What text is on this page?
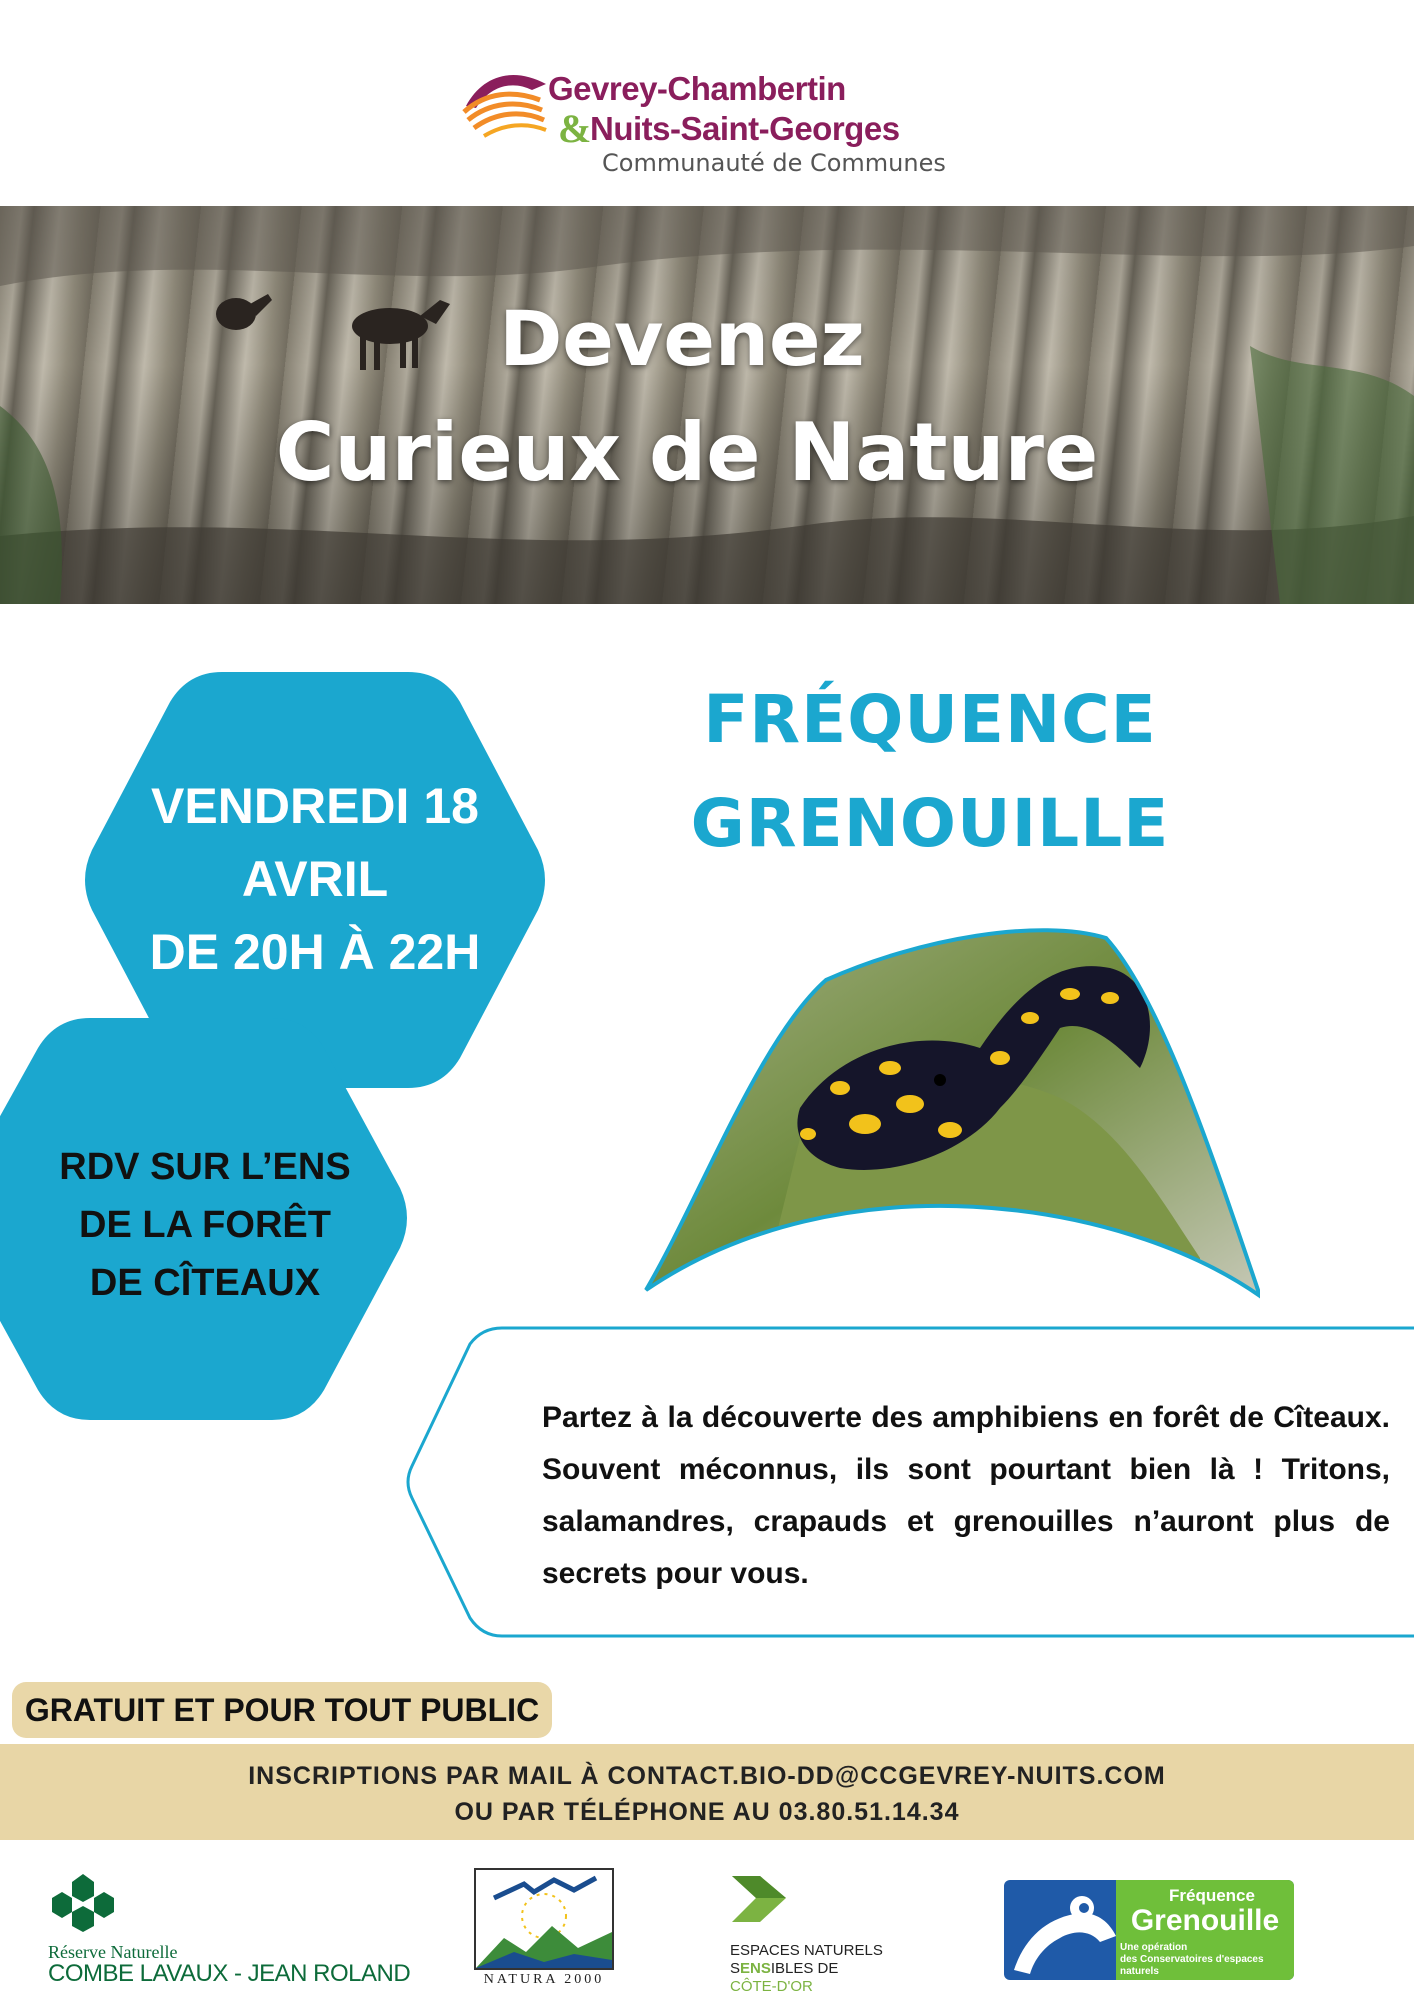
Gevrey-Chambertin
&
Nuits-Saint-Georges
Communauté de Communes
Devenez
Curieux de Nature
VENDREDI 18
AVRIL
DE 20H À 22H
RDV SUR L’ENS
DE LA FORÊT
DE CÎTEAUX
FRÉQUENCE
GRENOUILLE
Partez à la découverte des amphibiens en forêt de Cîteaux. Souvent méconnus, ils sont pourtant bien là ! Tritons, salamandres, crapauds et grenouilles n’auront plus de secrets pour vous.
GRATUIT ET POUR TOUT PUBLIC
INSCRIPTIONS PAR MAIL À CONTACT.BIO-DD@CCGEVREY-NUITS.COM
OU PAR TÉLÉPHONE AU 03.80.51.14.34
Réserve Naturelle
COMBE LAVAUX - JEAN ROLAND	NATURA 2000
ESPACES NATURELS
SENSIBLES DE
CÔTE-D'OR
Fréquence
Grenouille
Une opération
des Conservatoires d'espaces naturels
